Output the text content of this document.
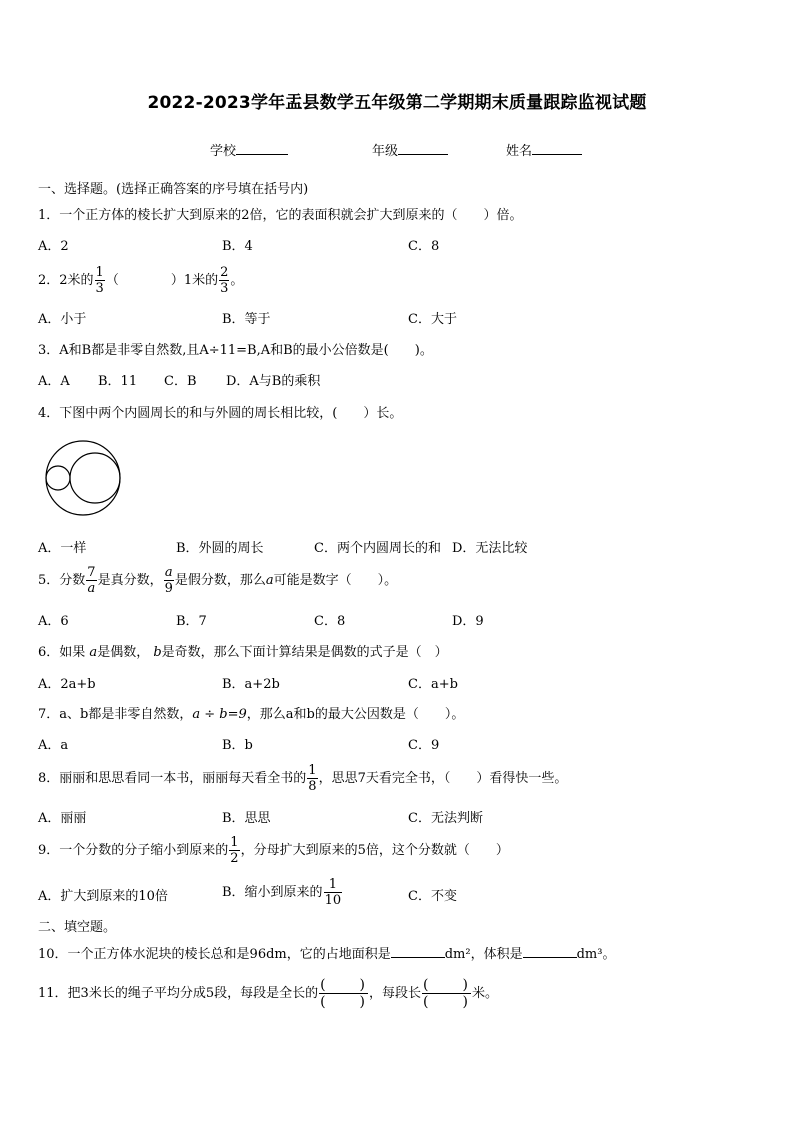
2022-2023学年盂县数学五年级第二学期期末质量跟踪监视试题
学校	年级	姓名
一、选择题。(选择正确答案的序号填在括号内)
1．一个正方体的棱长扩大到原来的2倍，它的表面积就会扩大到原来的（　　）倍。
A．2	B．4	C．8
2．2米的 $\frac{1}{3}$ （　　　　）1米的 $\frac{2}{3}$ 。
A．小于	B．等于	C．大于
3．A和B都是非零自然数,且A÷11=B,A和B的最小公倍数是(　　)。
A．A B．11 C．B D．A与B的乘积
4．下图中两个内圆周长的和与外圆的周长相比较，(　　）长。
A．一样	B．外圆的周长	C．两个内圆周长的和 D．无法比较
5．分数 $\frac{7}{a}$ 是真分数， $\frac{a}{9}$ 是假分数，那么a可能是数字（　　）。
A．6	B．7	C．8	D．9
6．如果 a是偶数， b是奇数，那么下面计算结果是偶数的式子是（　）
A．2a+b	B．a+2b	C．a+b
7．a、b都是非零自然数，a ÷ b=9，那么a和b的最大公因数是（　　）。
A．a	B．b	C．9
8．丽丽和思思看同一本书，丽丽每天看全书的 $\frac{1}{8}$ ，思思7天看完全书，（　　）看得快一些。
A．丽丽	B．思思	C．无法判断
9．一个分数的分子缩小到原来的 $\frac{1}{2}$ ，分母扩大到原来的5倍，这个分数就（　　）
A．扩大到原来的10倍	B．缩小到原来的 $\frac{1}{10}$	C．不变
二、填空题。
10．一个正方体水泥块的棱长总和是96dm，它的占地面积是	dm²，体积是	dm³。
11．把3米长的绳子平均分成5段，每段是全长的 $\frac{( )}{( )}$ ，每段长 $\frac{( )}{( )}$ 米。
